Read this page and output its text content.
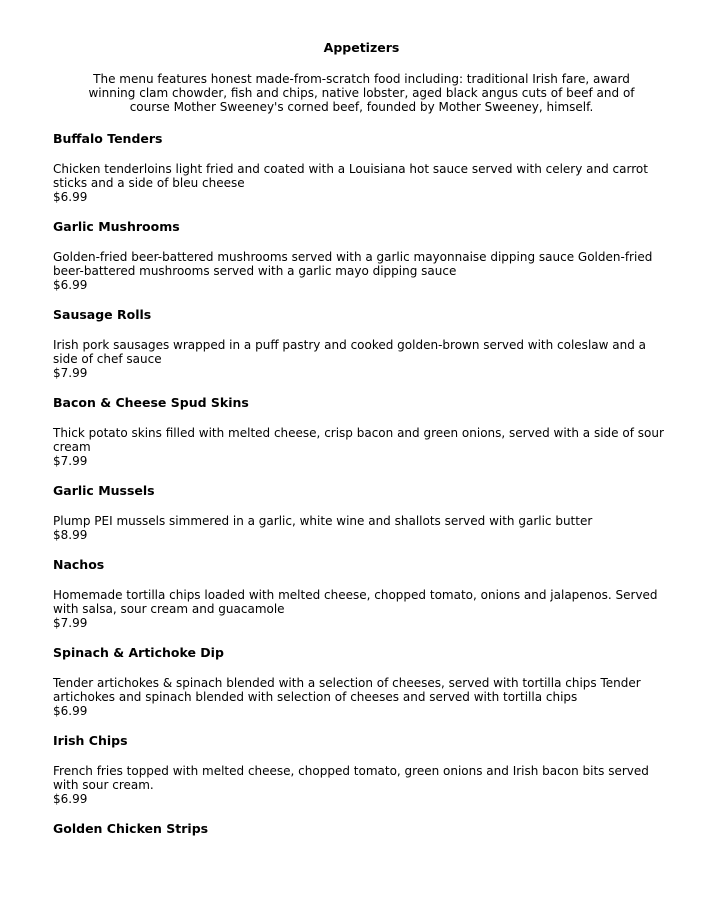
Appetizers
The menu features honest made-from-scratch food including: traditional Irish fare, award winning clam chowder, fish and chips, native lobster, aged black angus cuts of beef and of course Mother Sweeney's corned beef, founded by Mother Sweeney, himself.
Buffalo Tenders
Chicken tenderloins light fried and coated with a Louisiana hot sauce served with celery and carrot sticks and a side of bleu cheese
$6.99
Garlic Mushrooms
Golden-fried beer-battered mushrooms served with a garlic mayonnaise dipping sauce Golden-fried beer-battered mushrooms served with a garlic mayo dipping sauce
$6.99
Sausage Rolls
Irish pork sausages wrapped in a puff pastry and cooked golden-brown served with coleslaw and a side of chef sauce
$7.99
Bacon & Cheese Spud Skins
Thick potato skins filled with melted cheese, crisp bacon and green onions, served with a side of sour cream
$7.99
Garlic Mussels
Plump PEI mussels simmered in a garlic, white wine and shallots served with garlic butter
$8.99
Nachos
Homemade tortilla chips loaded with melted cheese, chopped tomato, onions and jalapenos. Served with salsa, sour cream and guacamole
$7.99
Spinach & Artichoke Dip
Tender artichokes & spinach blended with a selection of cheeses, served with tortilla chips Tender artichokes and spinach blended with selection of cheeses and served with tortilla chips
$6.99
Irish Chips
French fries topped with melted cheese, chopped tomato, green onions and Irish bacon bits served with sour cream.
$6.99
Golden Chicken Strips
